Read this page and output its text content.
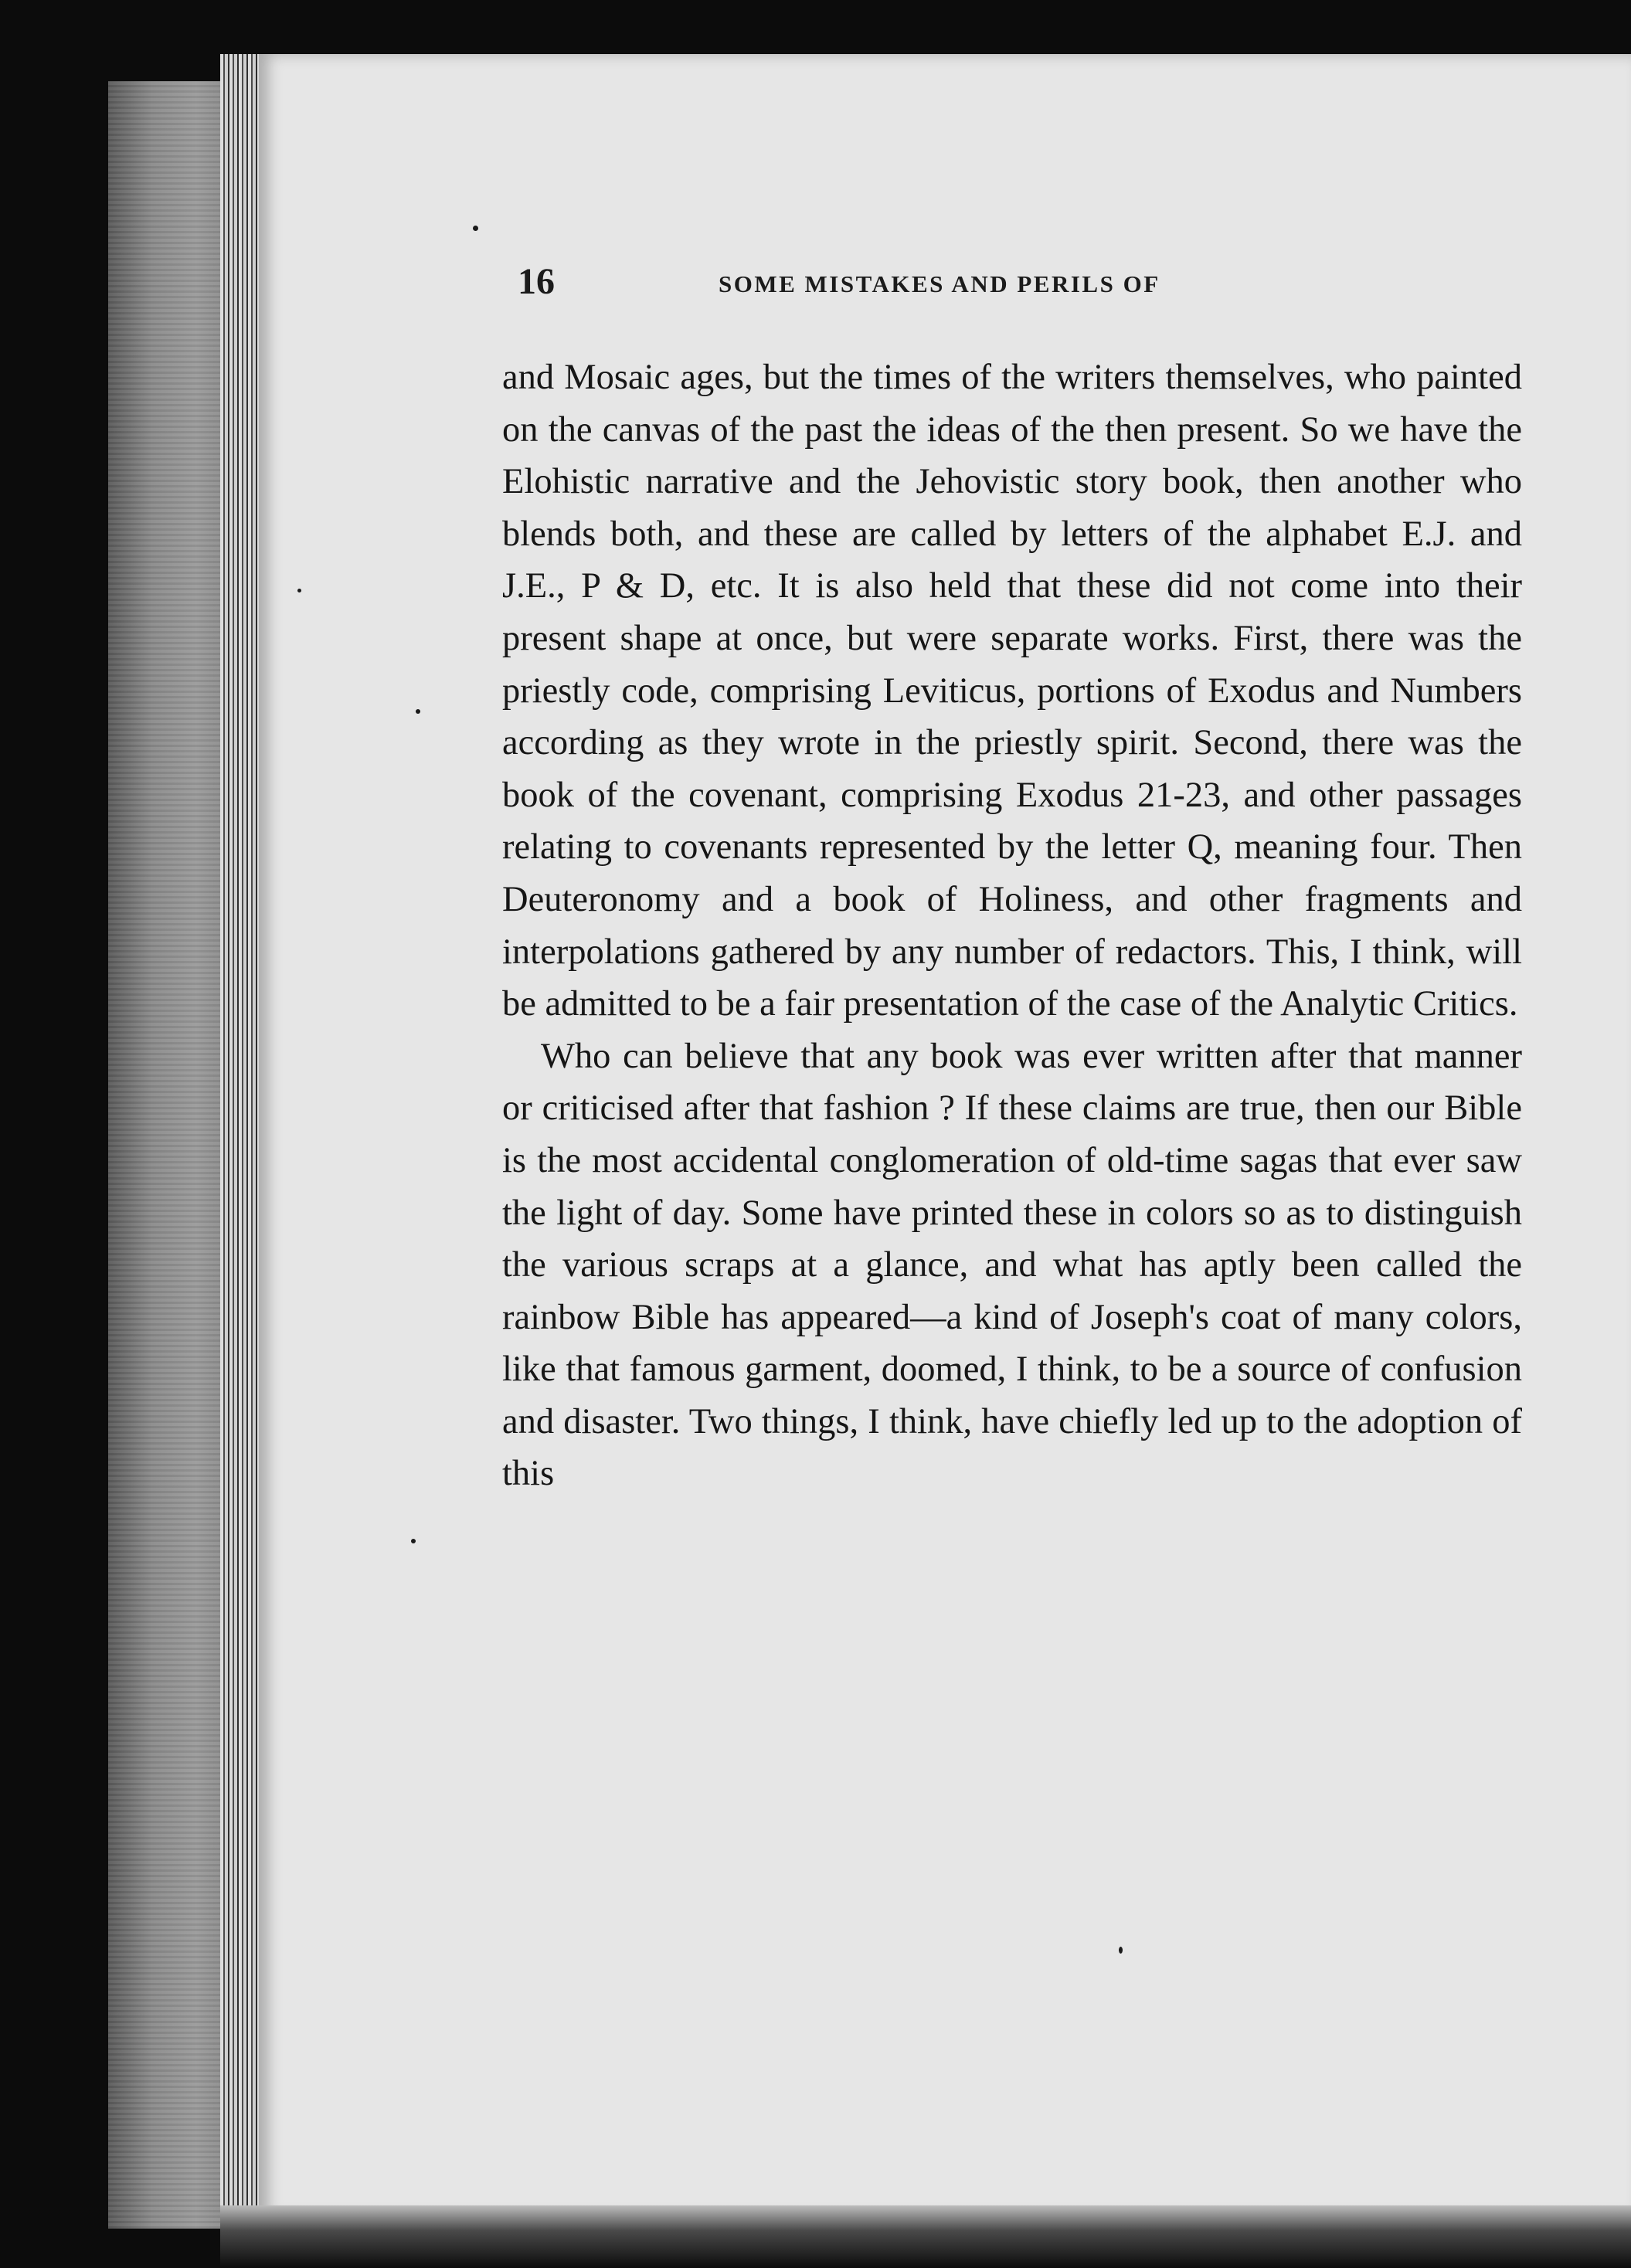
16	SOME MISTAKES AND PERILS OF

and Mosaic ages, but the times of the writers themselves, who painted on the canvas of the past the ideas of the then present. So we have the Elohistic narrative and the Jehovistic story book, then another who blends both, and these are called by letters of the alphabet E.J. and J.E., P & D, etc. It is also held that these did not come into their present shape at once, but were separate works. First, there was the priestly code, comprising Leviticus, portions of Exodus and Numbers according as they wrote in the priestly spirit. Second, there was the book of the covenant, comprising Exodus 21-23, and other passages relating to covenants represented by the letter Q, meaning four. Then Deuteronomy and a book of Holiness, and other fragments and interpolations gathered by any number of redactors. This, I think, will be admitted to be a fair presentation of the case of the Analytic Critics.

Who can believe that any book was ever written after that manner or criticised after that fashion ? If these claims are true, then our Bible is the most accidental conglomeration of old-time sagas that ever saw the light of day. Some have printed these in colors so as to distinguish the various scraps at a glance, and what has aptly been called the rainbow Bible has appeared—a kind of Joseph's coat of many colors, like that famous garment, doomed, I think, to be a source of confusion and disaster. Two things, I think, have chiefly led up to the adoption of this
